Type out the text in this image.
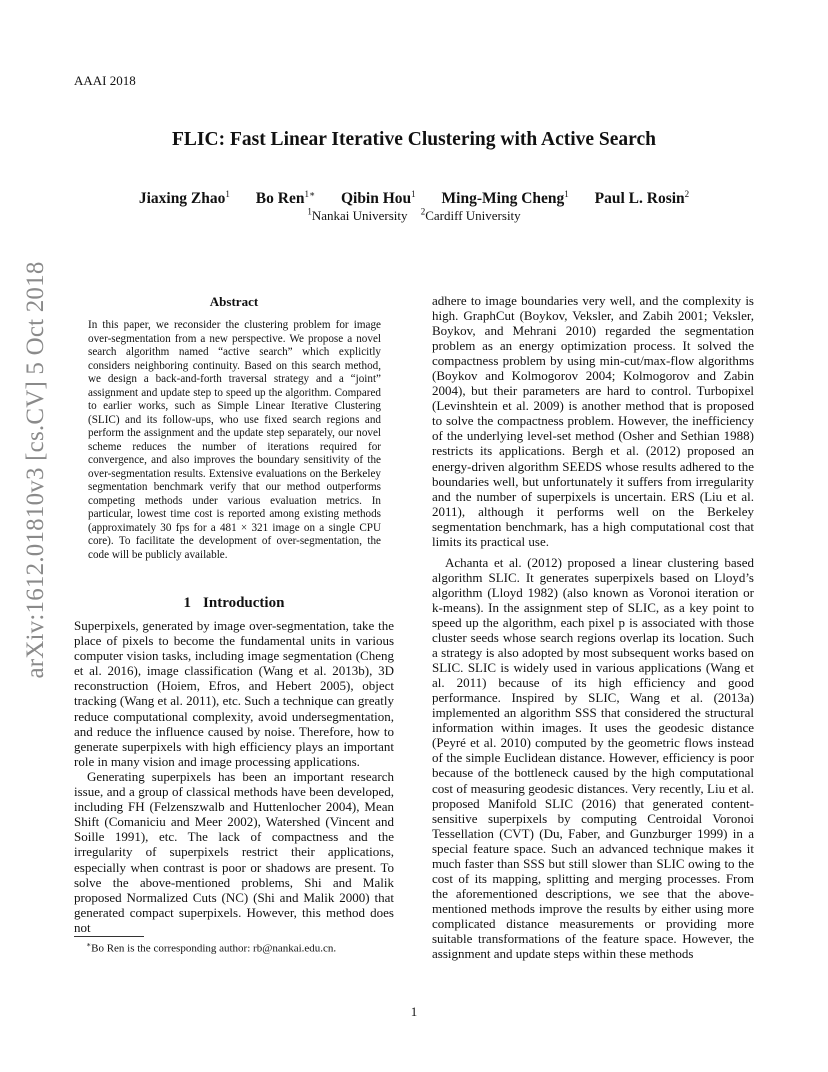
AAAI 2018
arXiv:1612.01810v3 [cs.CV] 5 Oct 2018
FLIC: Fast Linear Iterative Clustering with Active Search
Jiaxing Zhao$^1$ Bo Ren$^{1∗}$ Qibin Hou$^1$ Ming-Ming Cheng$^1$ Paul L. Rosin$^2$
$^1$Nankai University $^2$Cardiff University
Abstract

In this paper, we reconsider the clustering problem for image over-segmentation from a new perspective. We propose a novel search algorithm named “active search” which explicitly considers neighboring continuity. Based on this search method, we design a back-and-forth traversal strategy and a “joint” assignment and update step to speed up the algorithm. Compared to earlier works, such as Simple Linear Iterative Clustering (SLIC) and its follow-ups, who use fixed search regions and perform the assignment and the update step separately, our novel scheme reduces the number of iterations required for convergence, and also improves the boundary sensitivity of the over-segmentation results. Extensive evaluations on the Berkeley segmentation benchmark verify that our method outperforms competing methods under various evaluation metrics. In particular, lowest time cost is reported among existing methods (approximately 30 fps for a 481 × 321 image on a single CPU core). To facilitate the development of over-segmentation, the code will be publicly available.

1 Introduction

Superpixels, generated by image over-segmentation, take the place of pixels to become the fundamental units in various computer vision tasks, including image segmentation (Cheng et al. 2016), image classification (Wang et al. 2013b), 3D reconstruction (Hoiem, Efros, and Hebert 2005), object tracking (Wang et al. 2011), etc. Such a technique can greatly reduce computational complexity, avoid undersegmentation, and reduce the influence caused by noise. Therefore, how to generate superpixels with high efficiency plays an important role in many vision and image processing applications.

Generating superpixels has been an important research issue, and a group of classical methods have been developed, including FH (Felzenszwalb and Huttenlocher 2004), Mean Shift (Comaniciu and Meer 2002), Watershed (Vincent and Soille 1991), etc. The lack of compactness and the irregularity of superpixels restrict their applications, especially when contrast is poor or shadows are present. To solve the above-mentioned problems, Shi and Malik proposed Normalized Cuts (NC) (Shi and Malik 2000) that generated compact superpixels. However, this method does not

adhere to image boundaries very well, and the complexity is high. GraphCut (Boykov, Veksler, and Zabih 2001; Veksler, Boykov, and Mehrani 2010) regarded the segmentation problem as an energy optimization process. It solved the compactness problem by using min-cut/max-flow algorithms (Boykov and Kolmogorov 2004; Kolmogorov and Zabin 2004), but their parameters are hard to control. Turbopixel (Levinshtein et al. 2009) is another method that is proposed to solve the compactness problem. However, the inefficiency of the underlying level-set method (Osher and Sethian 1988) restricts its applications. Bergh et al. (2012) proposed an energy-driven algorithm SEEDS whose results adhered to the boundaries well, but unfortunately it suffers from irregularity and the number of superpixels is uncertain. ERS (Liu et al. 2011), although it performs well on the Berkeley segmentation benchmark, has a high computational cost that limits its practical use.

Achanta et al. (2012) proposed a linear clustering based algorithm SLIC. It generates superpixels based on Lloyd’s algorithm (Lloyd 1982) (also known as Voronoi iteration or k-means). In the assignment step of SLIC, as a key point to speed up the algorithm, each pixel p is associated with those cluster seeds whose search regions overlap its location. Such a strategy is also adopted by most subsequent works based on SLIC. SLIC is widely used in various applications (Wang et al. 2011) because of its high efficiency and good performance. Inspired by SLIC, Wang et al. (2013a) implemented an algorithm SSS that considered the structural information within images. It uses the geodesic distance (Peyré et al. 2010) computed by the geometric flows instead of the simple Euclidean distance. However, efficiency is poor because of the bottleneck caused by the high computational cost of measuring geodesic distances. Very recently, Liu et al. proposed Manifold SLIC (2016) that generated content-sensitive superpixels by computing Centroidal Voronoi Tessellation (CVT) (Du, Faber, and Gunzburger 1999) in a special feature space. Such an advanced technique makes it much faster than SSS but still slower than SLIC owing to the cost of its mapping, splitting and merging processes. From the aforementioned descriptions, we see that the above-mentioned methods improve the results by either using more complicated distance measurements or providing more suitable transformations of the feature space. However, the assignment and update steps within these methods

∗Bo Ren is the corresponding author: rb@nankai.edu.cn.
1
